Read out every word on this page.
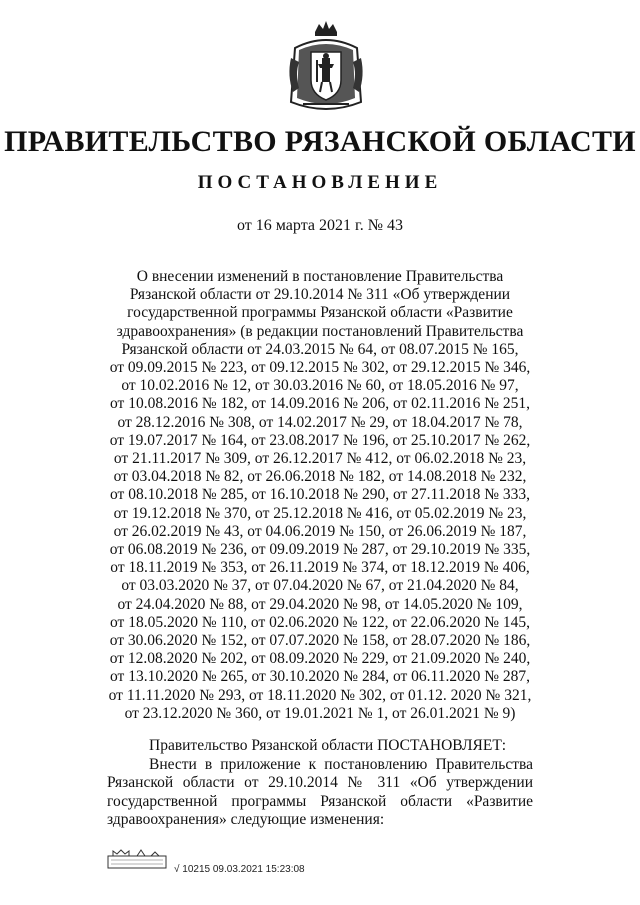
ПРАВИТЕЛЬСТВО РЯЗАНСКОЙ ОБЛАСТИ
ПОСТАНОВЛЕНИЕ
от 16 марта 2021 г. № 43
О внесении изменений в постановление Правительства
Рязанской области от 29.10.2014 № 311 «Об утверждении
государственной программы Рязанской области «Развитие
здравоохранения» (в редакции постановлений Правительства
Рязанской области от 24.03.2015 № 64, от 08.07.2015 № 165,
от 09.09.2015 № 223, от 09.12.2015 № 302, от 29.12.2015 № 346,
от 10.02.2016 № 12, от 30.03.2016 № 60, от 18.05.2016 № 97,
от 10.08.2016 № 182, от 14.09.2016 № 206, от 02.11.2016 № 251,
от 28.12.2016 № 308, от 14.02.2017 № 29, от 18.04.2017 № 78,
от 19.07.2017 № 164, от 23.08.2017 № 196, от 25.10.2017 № 262,
от 21.11.2017 № 309, от 26.12.2017 № 412, от 06.02.2018 № 23,
от 03.04.2018 № 82, от 26.06.2018 № 182, от 14.08.2018 № 232,
от 08.10.2018 № 285, от 16.10.2018 № 290, от 27.11.2018 № 333,
от 19.12.2018 № 370, от 25.12.2018 № 416, от 05.02.2019 № 23,
от 26.02.2019 № 43, от 04.06.2019 № 150, от 26.06.2019 № 187,
от 06.08.2019 № 236, от 09.09.2019 № 287, от 29.10.2019 № 335,
от 18.11.2019 № 353, от 26.11.2019 № 374, от 18.12.2019 № 406,
от 03.03.2020 № 37, от 07.04.2020 № 67, от 21.04.2020 № 84,
от 24.04.2020 № 88, от 29.04.2020 № 98, от 14.05.2020 № 109,
от 18.05.2020 № 110, от 02.06.2020 № 122, от 22.06.2020 № 145,
от 30.06.2020 № 152, от 07.07.2020 № 158, от 28.07.2020 № 186,
от 12.08.2020 № 202, от 08.09.2020 № 229, от 21.09.2020 № 240,
от 13.10.2020 № 265, от 30.10.2020 № 284, от 06.11.2020 № 287,
от 11.11.2020 № 293, от 18.11.2020 № 302, от 01.12. 2020 № 321,
от 23.12.2020 № 360, от 19.01.2021 № 1, от 26.01.2021 № 9)
Правительство Рязанской области ПОСТАНОВЛЯЕТ:

Внести в приложение к постановлению Правительства Рязанской области от 29.10.2014 № 311 «Об утверждении государственной программы Рязанской области «Развитие здравоохранения» следующие изменения:

√ 10215 09.03.2021 15:23:08
